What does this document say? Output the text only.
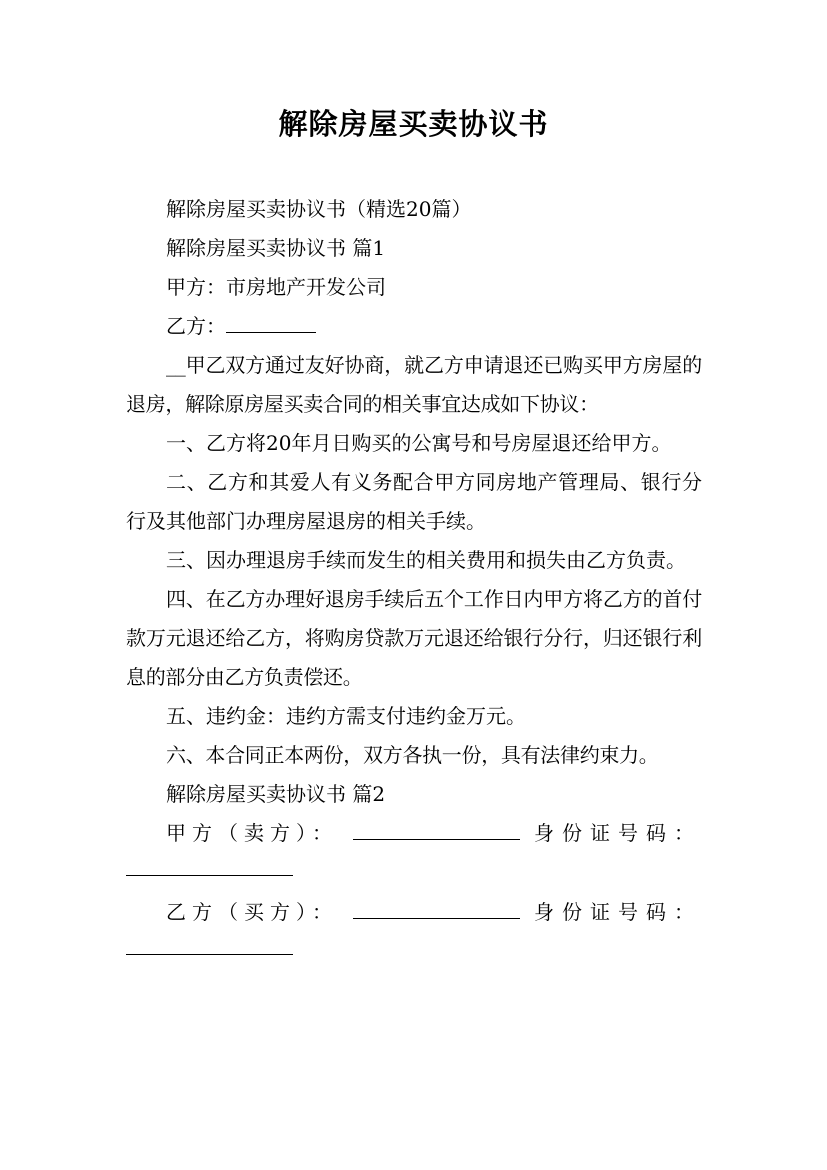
解除房屋买卖协议书

解除房屋买卖协议书（精选20篇）

解除房屋买卖协议书 篇1

甲方：市房地产开发公司

乙方：

__甲乙双方通过友好协商，就乙方申请退还已购买甲方房屋的退房，解除原房屋买卖合同的相关事宜达成如下协议：

一、乙方将20年月日购买的公寓号和号房屋退还给甲方。

二、乙方和其爱人有义务配合甲方同房地产管理局、银行分行及其他部门办理房屋退房的相关手续。

三、因办理退房手续而发生的相关费用和损失由乙方负责。

四、在乙方办理好退房手续后五个工作日内甲方将乙方的首付款万元退还给乙方，将购房贷款万元退还给银行分行，归还银行利息的部分由乙方负责偿还。

五、违约金：违约方需支付违约金万元。

六、本合同正本两份，双方各执一份，具有法律约束力。

解除房屋买卖协议书 篇2

甲方（卖方）：	身份证号码：
乙方（买方）：	身份证号码：
